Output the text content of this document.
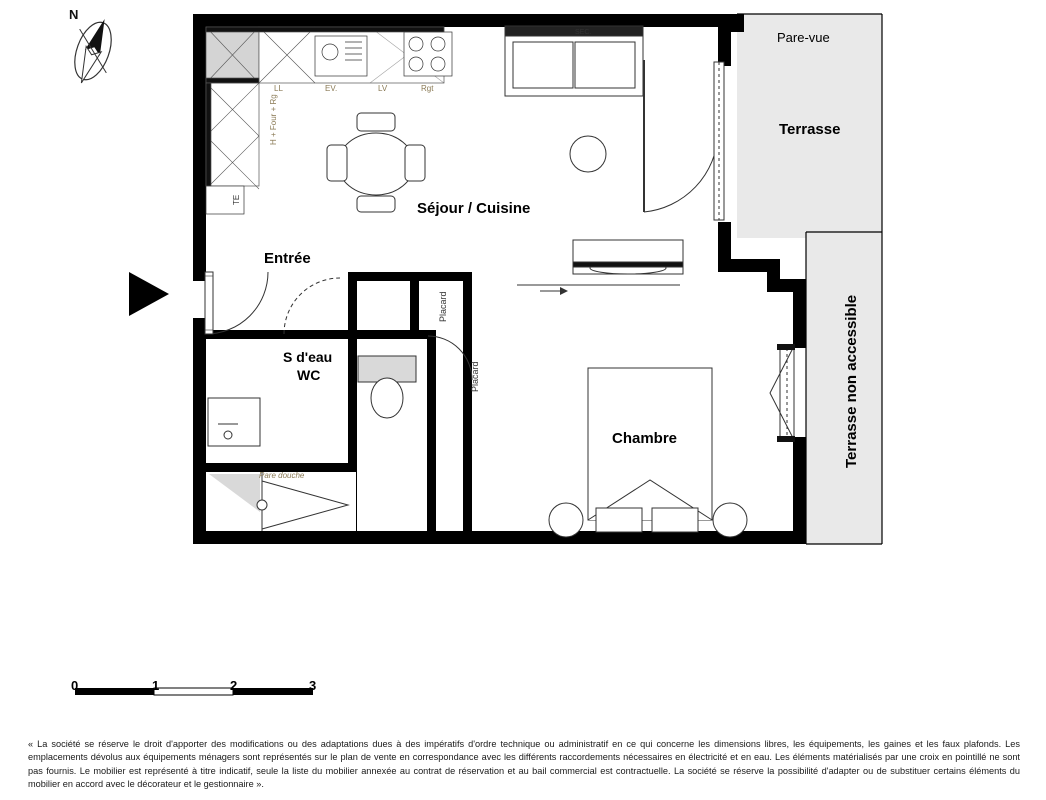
N
Séjour / Cuisine
Entrée
S d'eau
WC
Chambre
Terrasse
Pare-vue
Terrasse non accessible
Placard
Placard
H + Four + Rg
TE
LL	EV.	LV	Rgt
Pare douche
SEC.
0	1	2	3
« La société se réserve le droit d'apporter des modifications ou des adaptations dues à des impératifs d'ordre technique ou administratif en ce qui concerne les dimensions libres, les équipements, les gaines et les faux plafonds. Les emplacements dévolus aux équipements ménagers sont représentés sur le plan de vente en correspondance avec les différents raccordements nécessaires en électricité et en eau. Les éléments matérialisés par une croix en pointillé ne sont pas fournis. Le mobilier est représenté à titre indicatif, seule la liste du mobilier annexée au contrat de réservation et au bail commercial est contractuelle. La société se réserve la possibilité d'adapter ou de substituer certains éléments du mobilier en accord avec le décorateur et le gestionnaire ».
